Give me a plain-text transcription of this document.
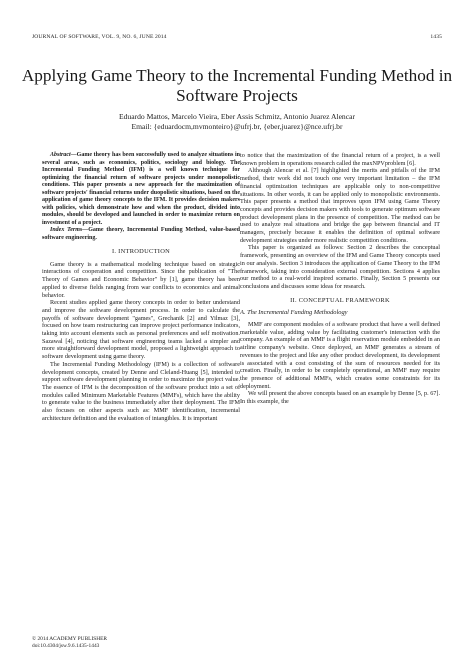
JOURNAL OF SOFTWARE, VOL. 9, NO. 6, JUNE 2014	1435
Applying Game Theory to the Incremental Funding Method in Software Projects
Eduardo Mattos, Marcelo Vieira, Eber Assis Schmitz, Antonio Juarez Alencar
Email: {eduardocm,mvmonteiro}@ufrj.br, {eber,juarez}@nce.ufrj.br

Abstract—Game theory has been successfully used to analyze situations in several areas, such as economics, politics, sociology and biology. The Incremental Funding Method (IFM) is a well known technique for optimizing the financial return of software projects under monopolistic conditions. This paper presents a new approach for the maximization of software projects' financial returns under duopolistic situations, based on the application of game theory concepts to the IFM. It provides decision makers with policies, which demonstrate how and when the product, divided into modules, should be developed and launched in order to maximize return on investment of a project.

Index Terms—Game theory, Incremental Funding Method, value-based software engineering.

I. INTRODUCTION

Game theory is a mathematical modeling technique based on strategic interactions of cooperation and competition. Since the publication of "The Theory of Games and Economic Behavior" by [1], game theory has been applied to diverse fields ranging from war conflicts to economics and animal behavior.

Recent studies applied game theory concepts in order to better understand and improve the software development process. In order to calculate the payoffs of software development "games", Grechanik [2] and Yilmaz [3], focused on how team restructuring can improve project performance indicators, taking into account elements such as personal preferences and self motivation. Sazawal [4], noticing that software engineering teams lacked a simpler and more straightforward development model, proposed a lightweight approach to software development using game theory.

The Incremental Funding Methodology (IFM) is a collection of software development concepts, created by Denne and Cleland-Huang [5], intended to support software development planning in order to maximize the project value. The essence of IFM is the decomposition of the software product into a set of modules called Minimum Marketable Features (MMFs), which have the ability to generate value to the business immediately after their deployment. The IFM also focuses on other aspects such as: MMF identification, incremental architecture definition and the evaluation of intangibles. It is important

to notice that the maximization of the financial return of a project, is a well known problem in operations research called the maxNPVproblem [6].

Although Alencar et al. [7] highlighted the merits and pitfalls of the IFM method, their work did not touch one very important limitation – the IFM financial optimization techniques are applicable only to non-competitive situations. In other words, it can be applied only to monopolistic environments. This paper presents a method that improves upon IFM using Game Theory concepts and provides decision makers with tools to generate optimum software product development plans in the presence of competition. The method can be used to analyze real situations and bridge the gap between financial and IT managers, precisely because it enables the definition of optimal software development strategies under more realistic competition conditions.

This paper is organized as follows: Section 2 describes the conceptual framework, presenting an overview of the IFM and Game Theory concepts used in our analysis. Section 3 introduces the application of Game Theory to the IFM framework, taking into consideration external competition. Sections 4 applies our method to a real-world inspired scenario. Finally, Section 5 presents our conclusions and discusses some ideas for research.

II. CONCEPTUAL FRAMEWORK
A. The Incremental Funding Methodology

MMF are component modules of a software product that have a well defined marketable value, adding value by facilitating customer's interaction with the company. An example of an MMF is a flight reservation module embedded in an airline company's website. Once deployed, an MMF generates a stream of revenues to the project and like any other product development, its development is associated with a cost consisting of the sum of resources needed for its creation. Finally, in order to be completely operational, an MMF may require the presence of additional MMFs, which creates some constraints for its deployment.

We will present the above concepts based on an example by Denne [5, p. 67]. In this example, the

© 2014 ACADEMY PUBLISHER
doi:10.4304/jsw.9.6.1435-1443
